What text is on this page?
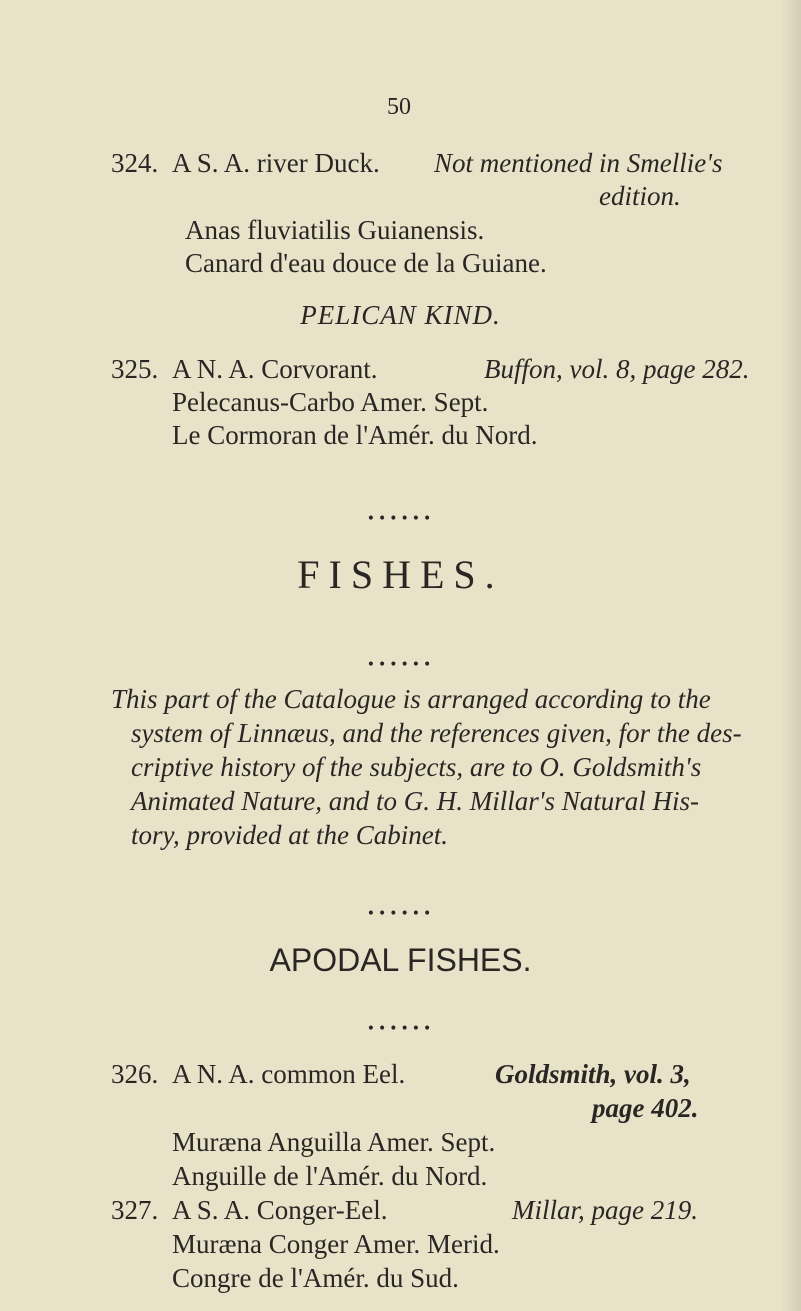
50
324. A S. A. river Duck. Not mentioned in Smellie's
edition.
Anas fluviatilis Guianensis.
Canard d'eau douce de la Guiane.
PELICAN KIND.
325. A N. A. Corvorant.	Buffon, vol. 8, page 282.
Pelecanus-Carbo Amer. Sept.
Le Cormoran de l'Amér. du Nord.
••••••
FISHES.
••••••
This part of the Catalogue is arranged according to the
system of Linnæus, and the references given, for the des-
criptive history of the subjects, are to O. Goldsmith's
Animated Nature, and to G. H. Millar's Natural His-
tory, provided at the Cabinet.
••••••
APODAL FISHES.
••••••
326. A N. A. common Eel.	Goldsmith, vol. 3,
page 402.
Muræna Anguilla Amer. Sept.
Anguille de l'Amér. du Nord.
327. A S. A. Conger-Eel.	Millar, page 219.
Muræna Conger Amer. Merid.
Congre de l'Amér. du Sud.
